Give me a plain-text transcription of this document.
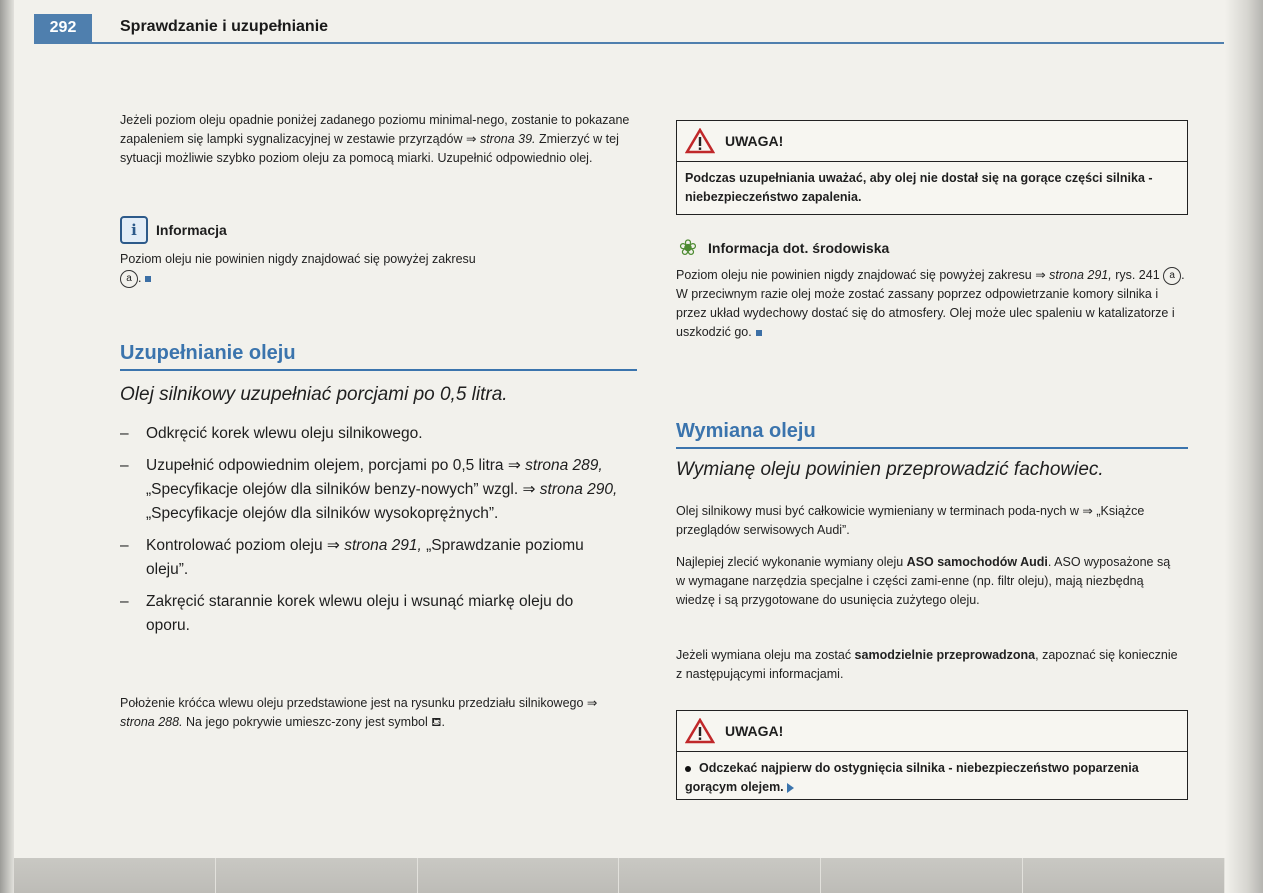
292	Sprawdzanie i uzupełnianie

Jeżeli poziom oleju opadnie poniżej zadanego poziomu minimal-nego, zostanie to pokazane zapaleniem się lampki sygnalizacyjnej w zestawie przyrządów ⇒ strona 39. Zmierzyć w tej sytuacji możliwie szybko poziom oleju za pomocą miarki. Uzupełnić odpowiednio olej.

i	Informacja

Poziom oleju nie powinien nigdy znajdować się powyżej zakresu
a .

Uzupełnianie oleju
Olej silnikowy uzupełniać porcjami po 0,5 litra.
– Odkręcić korek wlewu oleju silnikowego.
– Uzupełnić odpowiednim olejem, porcjami po 0,5 litra ⇒ strona 289, „Specyfikacje olejów dla silników benzy-nowych” wzgl. ⇒ strona 290, „Specyfikacje olejów dla silników wysokoprężnych”.
– Kontrolować poziom oleju ⇒ strona 291, „Sprawdzanie poziomu oleju”.
– Zakręcić starannie korek wlewu oleju i wsunąć miarkę oleju do oporu.

Położenie króćca wlewu oleju przedstawione jest na rysunku przedziału silnikowego ⇒ strona 288. Na jego pokrywie umieszc-zony jest symbol ⛾.

UWAGA!
Podczas uzupełniania uważać, aby olej nie dostał się na gorące części silnika - niebezpieczeństwo zapalenia.
❀ Informacja dot. środowiska

Poziom oleju nie powinien nigdy znajdować się powyżej zakresu ⇒ strona 291, rys. 241 a . W przeciwnym razie olej może zostać zassany poprzez odpowietrzanie komory silnika i przez układ wydechowy dostać się do atmosfery. Olej może ulec spaleniu w katalizatorze i uszkodzić go.

Wymiana oleju
Wymianę oleju powinien przeprowadzić fachowiec.

Olej silnikowy musi być całkowicie wymieniany w terminach poda-nych w ⇒ „Książce przeglądów serwisowych Audi”.

Najlepiej zlecić wykonanie wymiany oleju ASO samochodów Audi. ASO wyposażone są w wymagane narzędzia specjalne i części zami-enne (np. filtr oleju), mają niezbędną wiedzę i są przygotowane do usunięcia zużytego oleju.

Jeżeli wymiana oleju ma zostać samodzielnie przeprowadzona, zapoznać się koniecznie z następującymi informacjami.

UWAGA!
Odczekać najpierw do ostygnięcia silnika - niebezpieczeństwo poparzenia gorącym olejem.
